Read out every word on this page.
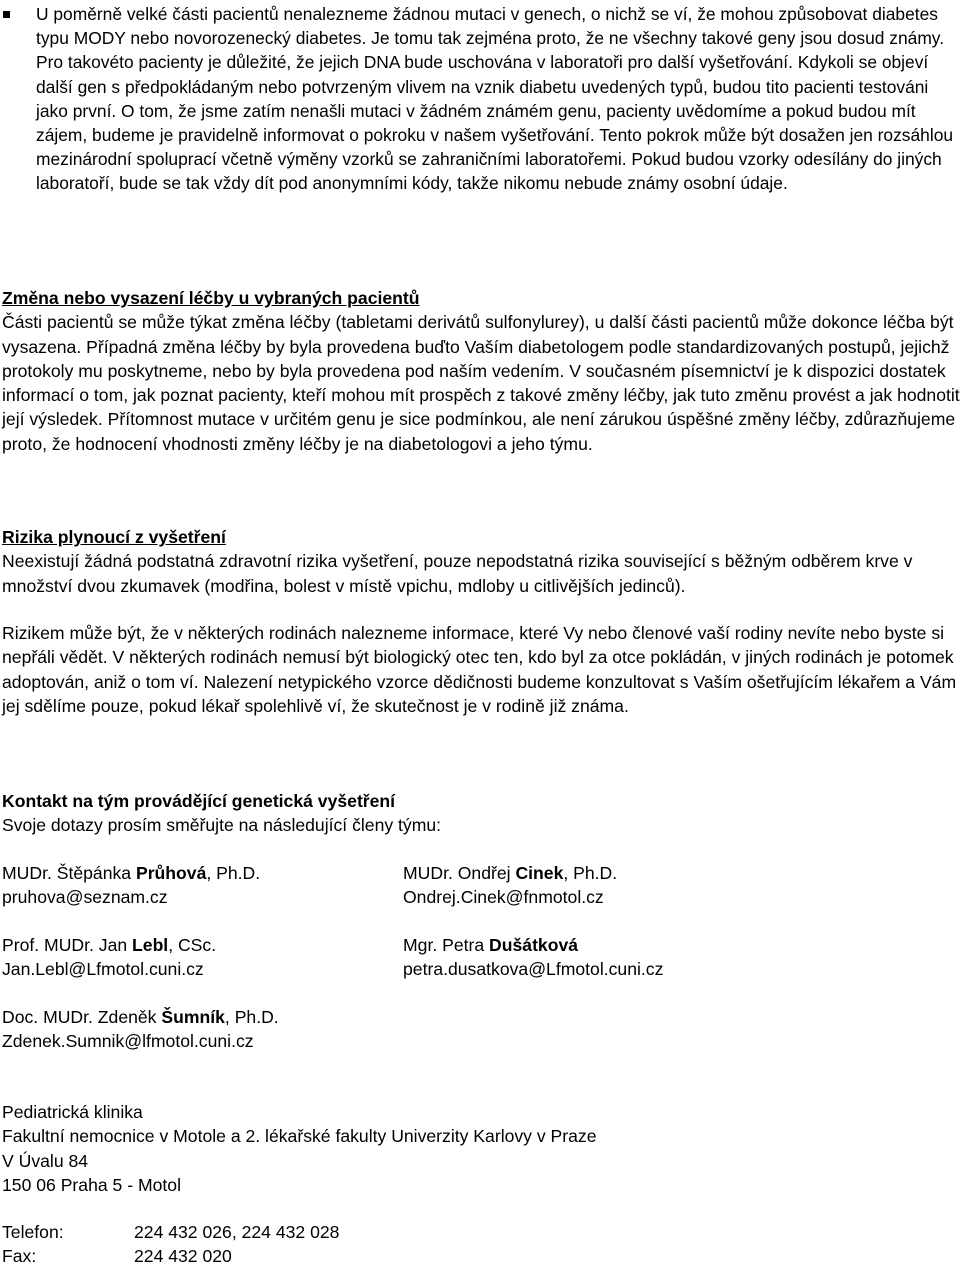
U poměrně velké části pacientů nenalezneme žádnou mutaci v genech, o nichž se ví, že mohou způsobovat diabetes typu MODY nebo novorozenecký diabetes. Je tomu tak zejména proto, že ne všechny takové geny jsou dosud známy. Pro takovéto pacienty je důležité, že jejich DNA bude uschována v laboratoři pro další vyšetřování. Kdykoli se objeví další gen s předpokládaným nebo potvrzeným vlivem na vznik diabetu uvedených typů, budou tito pacienti testováni jako první. O tom, že jsme zatím nenašli mutaci v žádném známém genu, pacienty uvědomíme a pokud budou mít zájem, budeme je pravidelně informovat o pokroku v našem vyšetřování. Tento pokrok může být dosažen jen rozsáhlou mezinárodní spoluprací včetně výměny vzorků se zahraničními laboratořemi. Pokud budou vzorky odesílány do jiných laboratoří, bude se tak vždy dít pod anonymními kódy, takže nikomu nebude známy osobní údaje.
Změna nebo vysazení léčby u vybraných pacientů
Části pacientů se může týkat změna léčby (tabletami derivátů sulfonylurey), u další části pacientů může dokonce léčba být vysazena. Případná změna léčby by byla provedena buďto Vaším diabetologem podle standardizovaných postupů, jejichž protokoly mu poskytneme, nebo by byla provedena pod naším vedením. V současném písemnictví je k dispozici dostatek informací o tom, jak poznat pacienty, kteří mohou mít prospěch z takové změny léčby, jak tuto změnu provést a jak hodnotit její výsledek. Přítomnost mutace v určitém genu je sice podmínkou, ale není zárukou úspěšné změny léčby, zdůrazňujeme proto, že hodnocení vhodnosti změny léčby je na diabetologovi a jeho týmu.
Rizika plynoucí z vyšetření
Neexistují žádná podstatná zdravotní rizika vyšetření, pouze nepodstatná rizika související s běžným odběrem krve v množství dvou zkumavek (modřina, bolest v místě vpichu, mdloby u citlivějších jedinců).
Rizikem může být, že v některých rodinách nalezneme informace, které Vy nebo členové vaší rodiny nevíte nebo byste si nepřáli vědět. V některých rodinách nemusí být biologický otec ten, kdo byl za otce pokládán, v jiných rodinách je potomek adoptován, aniž o tom ví. Nalezení netypického vzorce dědičnosti budeme konzultovat s Vaším ošetřujícím lékařem a Vám jej sdělíme pouze, pokud lékař spolehlivě ví, že skutečnost je v rodině již známa.
Kontakt na tým provádějící genetická vyšetření
Svoje dotazy prosím směřujte na následující členy týmu:
MUDr. Štěpánka Průhová, Ph.D.
pruhova@seznam.cz
MUDr. Ondřej Cinek, Ph.D.
Ondrej.Cinek@fnmotol.cz
Prof. MUDr. Jan Lebl, CSc.
Jan.Lebl@Lfmotol.cuni.cz
Mgr. Petra Dušátková
petra.dusatkova@Lfmotol.cuni.cz
Doc. MUDr. Zdeněk Šumník, Ph.D.
Zdenek.Sumnik@lfmotol.cuni.cz
Pediatrická klinika
Fakultní nemocnice v Motole a 2. lékařské fakulty Univerzity Karlovy v Praze
V Úvalu 84
150 06 Praha 5 - Motol
Telefon:	224 432 026, 224 432 028
Fax:	224 432 020
